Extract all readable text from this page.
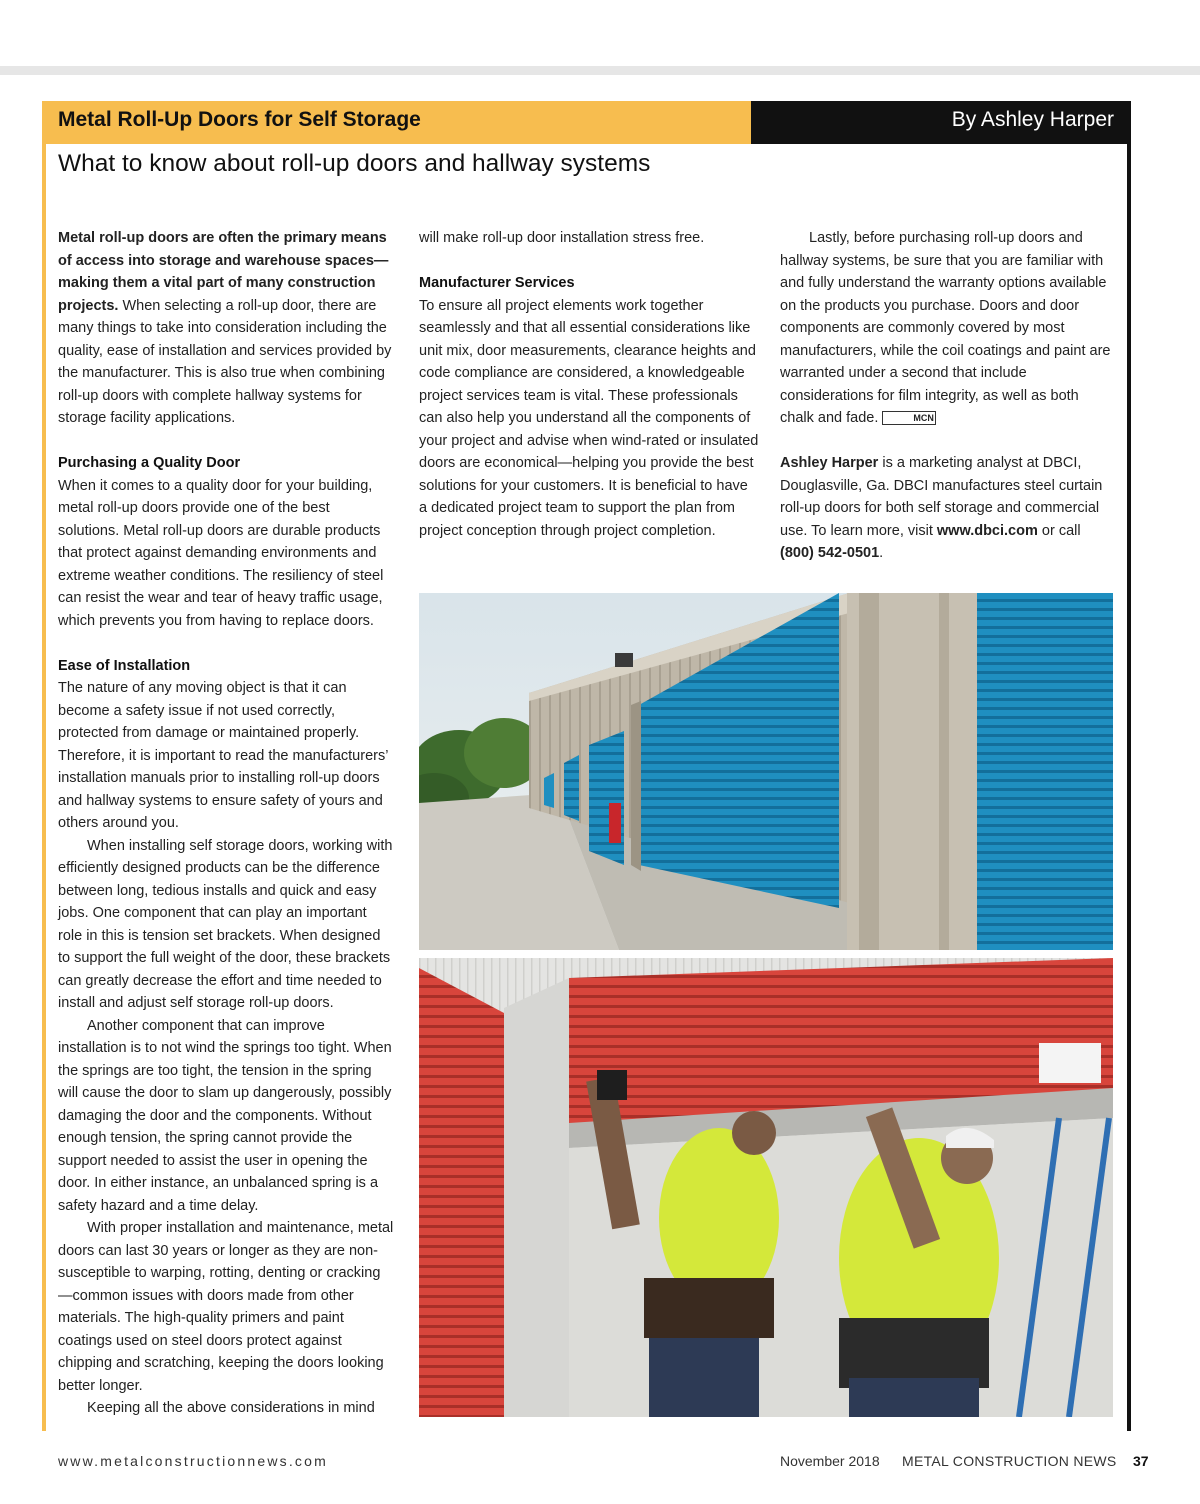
Metal Roll-Up Doors for Self Storage	By Ashley Harper

What to know about roll-up doors and hallway systems

Metal roll-up doors are often the primary means of access into storage and warehouse spaces—making them a vital part of many construction projects. When selecting a roll-up door, there are many things to take into consideration including the quality, ease of installation and services provided by the manufacturer. This is also true when combining roll-up doors with complete hallway systems for storage facility applications.

Purchasing a Quality Door

When it comes to a quality door for your building, metal roll-up doors provide one of the best solutions. Metal roll-up doors are durable products that protect against demanding environments and extreme weather conditions. The resiliency of steel can resist the wear and tear of heavy traffic usage, which prevents you from having to replace doors.

Ease of Installation

The nature of any moving object is that it can become a safety issue if not used correctly, protected from damage or maintained properly. Therefore, it is important to read the manufacturers’ installation manuals prior to installing roll-up doors and hallway systems to ensure safety of yours and others around you.

When installing self storage doors, working with efficiently designed products can be the difference between long, tedious installs and quick and easy jobs. One component that can play an important role in this is tension set brackets. When designed to support the full weight of the door, these brackets can greatly decrease the effort and time needed to install and adjust self storage roll-up doors.

Another component that can improve installation is to not wind the springs too tight. When the springs are too tight, the tension in the spring will cause the door to slam up dangerously, possibly damaging the door and the components. Without enough tension, the spring cannot provide the support needed to assist the user in opening the door. In either instance, an unbalanced spring is a safety hazard and a time delay.

With proper installation and maintenance, metal doors can last 30 years or longer as they are non-susceptible to warping, rotting, denting or cracking—common issues with doors made from other materials. The high-quality primers and paint coatings used on steel doors protect against chipping and scratching, keeping the doors looking better longer.

Keeping all the above considerations in mind

will make roll-up door installation stress free.

Manufacturer Services

To ensure all project elements work together seamlessly and that all essential considerations like unit mix, door measurements, clearance heights and code compliance are considered, a knowledgeable project services team is vital. These professionals can also help you understand all the components of your project and advise when wind-rated or insulated doors are economical—helping you provide the best solutions for your customers. It is beneficial to have a dedicated project team to support the plan from project conception through project completion.

Lastly, before purchasing roll-up doors and hallway systems, be sure that you are familiar with and fully understand the warranty options available on the products you purchase. Doors and door components are commonly covered by most manufacturers, while the coil coatings and paint are warranted under a second that include considerations for film integrity, as well as both chalk and fade.	MCN

Ashley Harper is a marketing analyst at DBCI, Douglasville, Ga. DBCI manufactures steel curtain roll-up doors for both self storage and commercial use. To learn more, visit www.dbci.com or call (800) 542-0501.

www.metalconstructionnews.com	November 2018 METAL CONSTRUCTION NEWS 37
